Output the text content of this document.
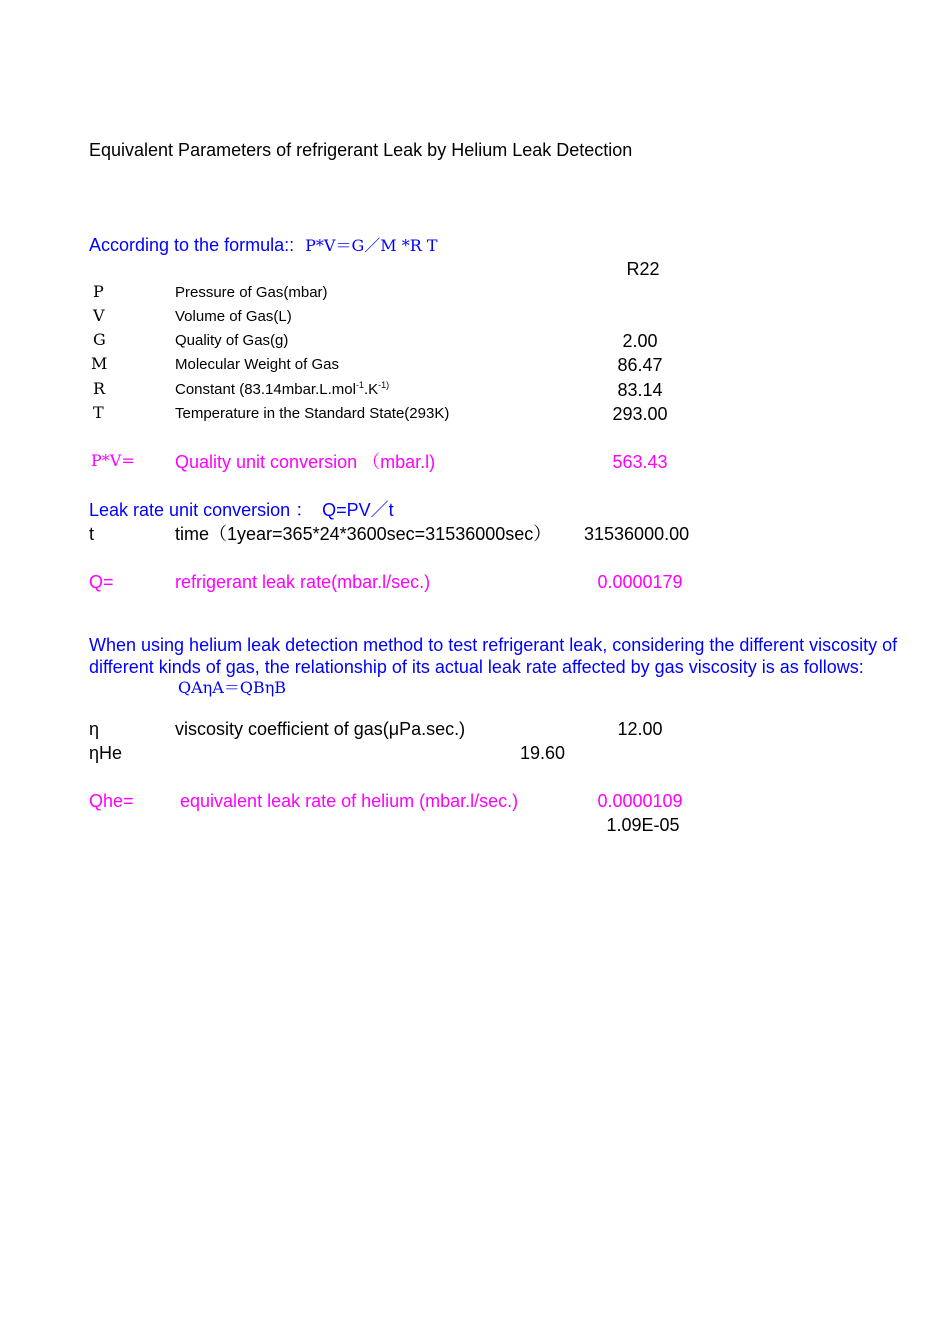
Equivalent Parameters of refrigerant Leak by Helium Leak Detection
According to the formula:: P*V＝G／M *R T
R22
P	Pressure of Gas(mbar)
V	Volume of Gas(L)
G	Quality of Gas(g)	2.00
M	Molecular Weight of Gas	86.47
R	Constant ($83.14mbar.L.mol^{-1}.K^{-1)}$	83.14
T	Temperature in the Standard State(293K)	293.00
P*V= Quality unit conversion （mbar.l)	563.43
Leak rate unit conversion ： Q=PV／t
t	time（1year=365*24*3600sec=31536000sec） 31536000.00
Q=	refrigerant leak rate(mbar.l/sec.)	0.0000179
When using helium leak detection method to test refrigerant leak, considering the different viscosity of
different kinds of gas, the relationship of its actual leak rate affected by gas viscosity is as follows:
QAηA＝QBηB
η	viscosity coefficient of gas(μPa.sec.)	12.00
ηHe	19.60
Qhe=	equivalent leak rate of helium (mbar.l/sec.)	0.0000109
1.09E-05
